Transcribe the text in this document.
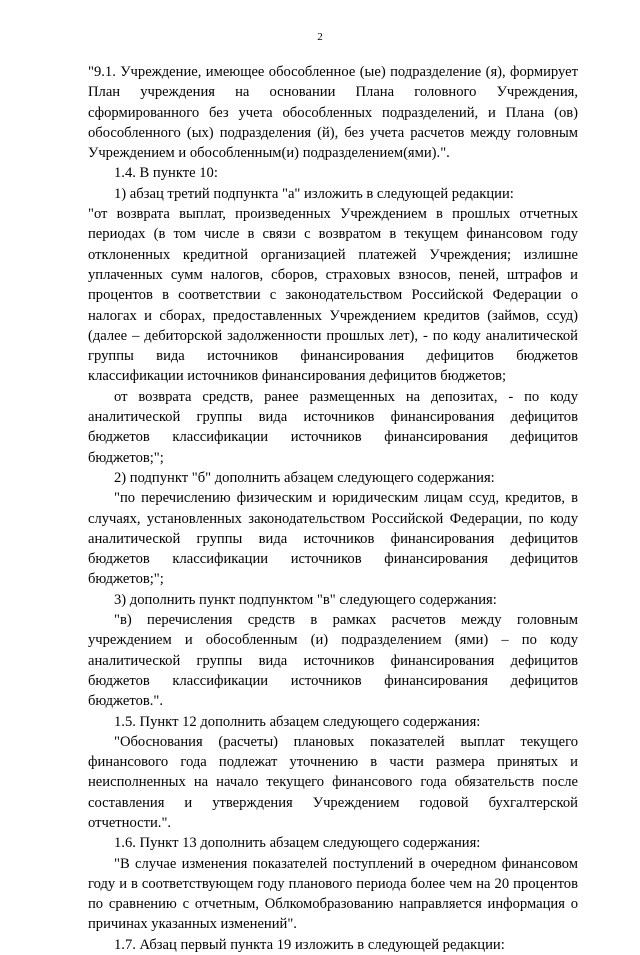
2

"9.1. Учреждение, имеющее обособленное (ые) подразделение (я), формирует План учреждения на основании Плана головного Учреждения, сформированного без учета обособленных подразделений, и Плана (ов) обособленного (ых) подразделения (й), без учета расчетов между головным Учреждением и обособленным(и) подразделением(ями).".

1.4. В пункте 10:

1) абзац третий подпункта "а" изложить в следующей редакции:

"от возврата выплат, произведенных Учреждением в прошлых отчетных периодах (в том числе в связи с возвратом в текущем финансовом году отклоненных кредитной организацией платежей Учреждения; излишне уплаченных сумм налогов, сборов, страховых взносов, пеней, штрафов и процентов в соответствии с законодательством Российской Федерации о налогах и сборах, предоставленных Учреждением кредитов (займов, ссуд) (далее – дебиторской задолженности прошлых лет), - по коду аналитической группы вида источников финансирования дефицитов бюджетов классификации источников финансирования дефицитов бюджетов;

от возврата средств, ранее размещенных на депозитах, - по коду аналитической группы вида источников финансирования дефицитов бюджетов классификации источников финансирования дефицитов бюджетов;";

2) подпункт "б" дополнить абзацем следующего содержания:

"по перечислению физическим и юридическим лицам ссуд, кредитов, в случаях, установленных законодательством Российской Федерации, по коду аналитической группы вида источников финансирования дефицитов бюджетов классификации источников финансирования дефицитов бюджетов;";

3) дополнить пункт подпунктом "в" следующего содержания:

"в) перечисления средств в рамках расчетов между головным учреждением и обособленным (и) подразделением (ями) – по коду аналитической группы вида источников финансирования дефицитов бюджетов классификации источников финансирования дефицитов бюджетов.".

1.5. Пункт 12 дополнить абзацем следующего содержания:

"Обоснования (расчеты) плановых показателей выплат текущего финансового года подлежат уточнению в части размера принятых и неисполненных на начало текущего финансового года обязательств после составления и утверждения Учреждением годовой бухгалтерской отчетности.".

1.6. Пункт 13 дополнить абзацем следующего содержания:

"В случае изменения показателей поступлений в очередном финансовом году и в соответствующем году планового периода более чем на 20 процентов по сравнению с отчетным, Облкомобразованию направляется информация о причинах указанных изменений".

1.7. Абзац первый пункта 19 изложить в следующей редакции:
